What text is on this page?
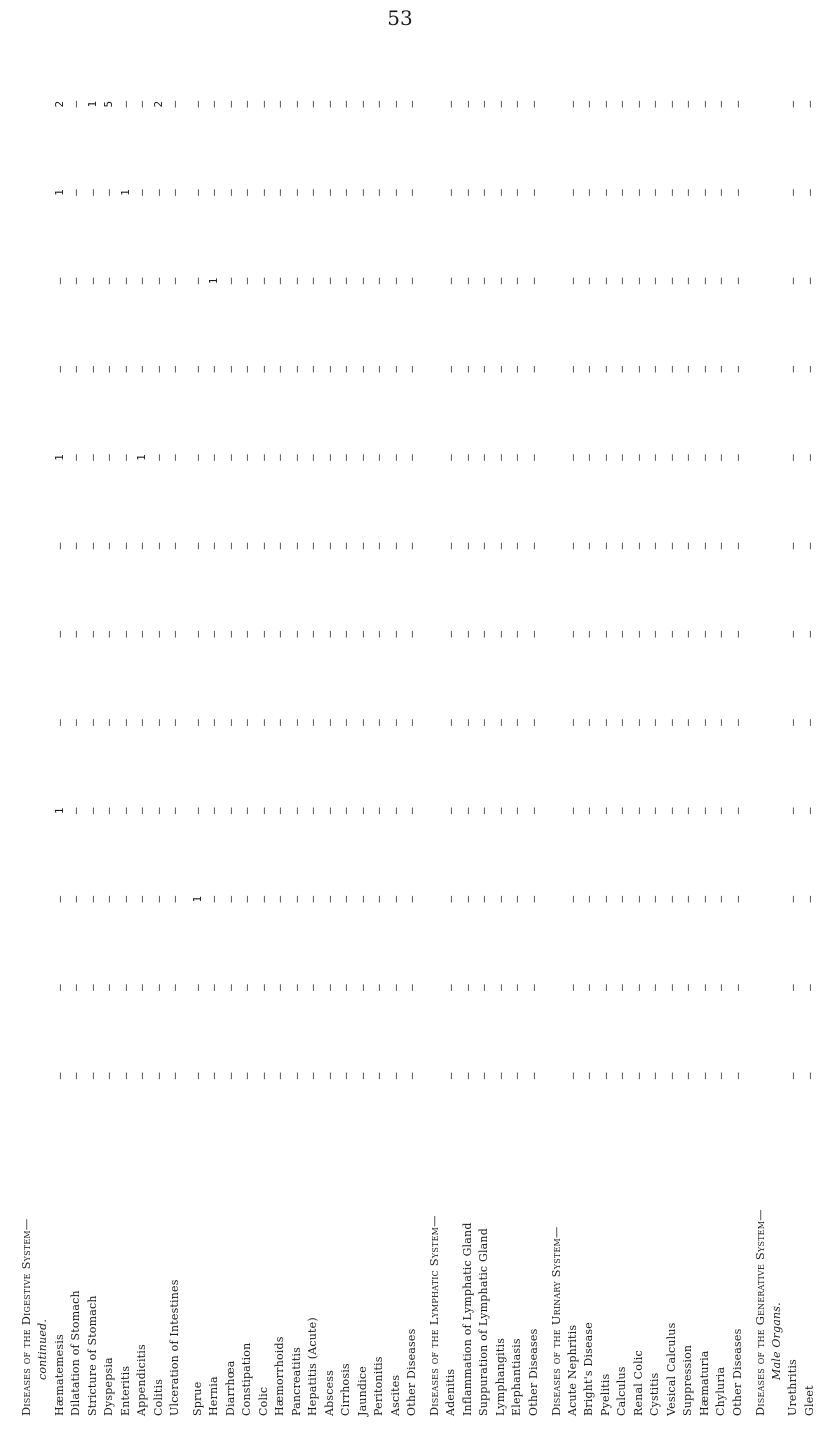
53
Diseases of the Digestive System— continued. Hæmatemesis
—
—
—
1
—
—
—
1
—
—
1
2
Dilatation of Stomach
—
—
—
—
—
—
—
—
—
—
—
—
Stricture of Stomach
—
—
—
—
—
—
—
—
—
—
—
1
Dyspepsia
—
—
—
—
—
—
—
—
—
—
—
5
Enteritis
—
—
—
—
—
—
—
—
—
—
1
—
Appendicitis
—
—
—
—
—
—
—
1
—
—
—
—
Colitis
—
—
—
—
—
—
—
—
—
—
—
2
Ulceration of Intestines
—
—
—
—
—
—
—
—
—
—
—
—
Sprue
—
—
1
—
—
—
—
—
—
—
—
—
Hernia
—
—
—
—
—
—
—
—
—
1
—
—
Diarrhœa
—
—
—
—
—
—
—
—
—
—
—
—
Constipation
—
—
—
—
—
—
—
—
—
—
—
—
Colic
—
—
—
—
—
—
—
—
—
—
—
—
Hæmorrhoids
—
—
—
—
—
—
—
—
—
—
—
—
Pancreatitis
—
—
—
—
—
—
—
—
—
—
—
—
Hepatitis (Acute)
—
—
—
—
—
—
—
—
—
—
—
—
Abscess
—
—
—
—
—
—
—
—
—
—
—
—
Cirrhosis
—
—
—
—
—
—
—
—
—
—
—
—
Jaundice
—
—
—
—
—
—
—
—
—
—
—
—
Peritonitis
—
—
—
—
—
—
—
—
—
—
—
—
Ascites
—
—
—
—
—
—
—
—
—
—
—
—
Other Diseases
—
—
—
—
—
—
—
—
—
—
—
—
Diseases of the Lymphatic System— Adenitis
—
—
—
—
—
—
—
—
—
—
—
—
Inflammation of Lymphatic Gland
—
—
—
—
—
—
—
—
—
—
—
—
Suppuration of Lymphatic Gland
—
—
—
—
—
—
—
—
—
—
—
—
Lymphangitis
—
—
—
—
—
—
—
—
—
—
—
—
Elephantiasis
—
—
—
—
—
—
—
—
—
—
—
—
Other Diseases
—
—
—
—
—
—
—
—
—
—
—
—
Diseases of the Urinary System— Acute Nephritis
—
—
—
—
—
—
—
—
—
—
—
—
Bright's Disease
—
—
—
—
—
—
—
—
—
—
—
—
Pyelitis
—
—
—
—
—
—
—
—
—
—
—
—
Calculus
—
—
—
—
—
—
—
—
—
—
—
—
Renal Colic
—
—
—
—
—
—
—
—
—
—
—
—
Cystitis
—
—
—
—
—
—
—
—
—
—
—
—
Vesical Calculus
—
—
—
—
—
—
—
—
—
—
—
—
Suppression
—
—
—
—
—
—
—
—
—
—
—
—
Hæmaturia
—
—
—
—
—
—
—
—
—
—
—
—
Chyluria
—
—
—
—
—
—
—
—
—
—
—
—
Other Diseases
—
—
—
—
—
—
—
—
—
—
—
—
Diseases of the Generative System— Male Organs.
Urethritis
—
—
—
—
—
—
—
—
—
—
—
—
Gleet
—
—
—
—
—
—
—
—
—
—
—
—
